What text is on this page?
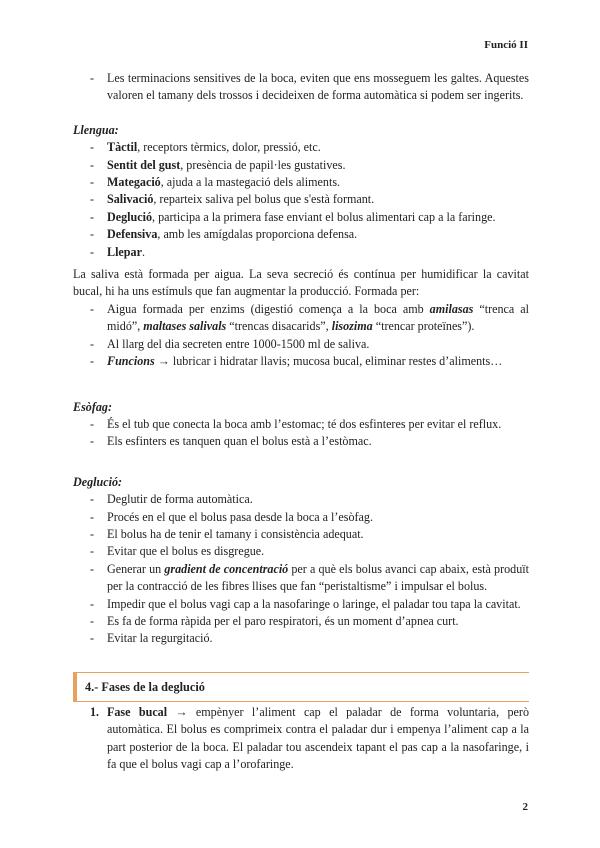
Funció II
- Les terminacions sensitives de la boca, eviten que ens mosseguem les galtes. Aquestes valoren el tamany dels trossos i decideixen de forma automàtica si podem ser ingerits.

Llengua:

- Tàctil, receptors tèrmics, dolor, pressió, etc.
- Sentit del gust, presència de papil·les gustatives.
- Mategació, ajuda a la mastegació dels aliments.
- Salivació, reparteix saliva pel bolus que s'està formant.
- Deglució, participa a la primera fase enviant el bolus alimentari cap a la faringe.
- Defensiva, amb les amígdalas proporciona defensa.
- Llepar.

La saliva està formada per aigua. La seva secreció és contínua per humidificar la cavitat bucal, hi ha uns estímuls que fan augmentar la producció. Formada per:

- Aigua formada per enzims (digestió comença a la boca amb amilasas “trenca al midó”, maltases salivals “trencas disacarids”, lisozima “trencar proteïnes”).
- Al llarg del dia secreten entre 1000-1500 ml de saliva.
- Funcions → lubricar i hidratar llavis; mucosa bucal, eliminar restes d’aliments…

Esòfag:

- És el tub que conecta la boca amb l’estomac; té dos esfinteres per evitar el reflux.
- Els esfinters es tanquen quan el bolus està a l’estòmac.

Deglució:

- Deglutir de forma automàtica.
- Procés en el que el bolus pasa desde la boca a l’esòfag.
- El bolus ha de tenir el tamany i consistència adequat.
- Evitar que el bolus es disgregue.
- Generar un gradient de concentració per a què els bolus avanci cap abaix, està produït per la contracció de les fibres llises que fan “peristaltisme” i impulsar el bolus.
- Impedir que el bolus vagi cap a la nasofaringe o laringe, el paladar tou tapa la cavitat.
- Es fa de forma ràpida per el paro respiratori, és un moment d’apnea curt.
- Evitar la regurgitació.
4.- Fases de la deglució
1. Fase bucal → empènyer l’aliment cap el paladar de forma voluntaria, però automàtica. El bolus es comprimeix contra el paladar dur i empenya l’aliment cap a la part posterior de la boca. El paladar tou ascendeix tapant el pas cap a la nasofaringe, i fa que el bolus vagi cap a l’orofaringe.
2
